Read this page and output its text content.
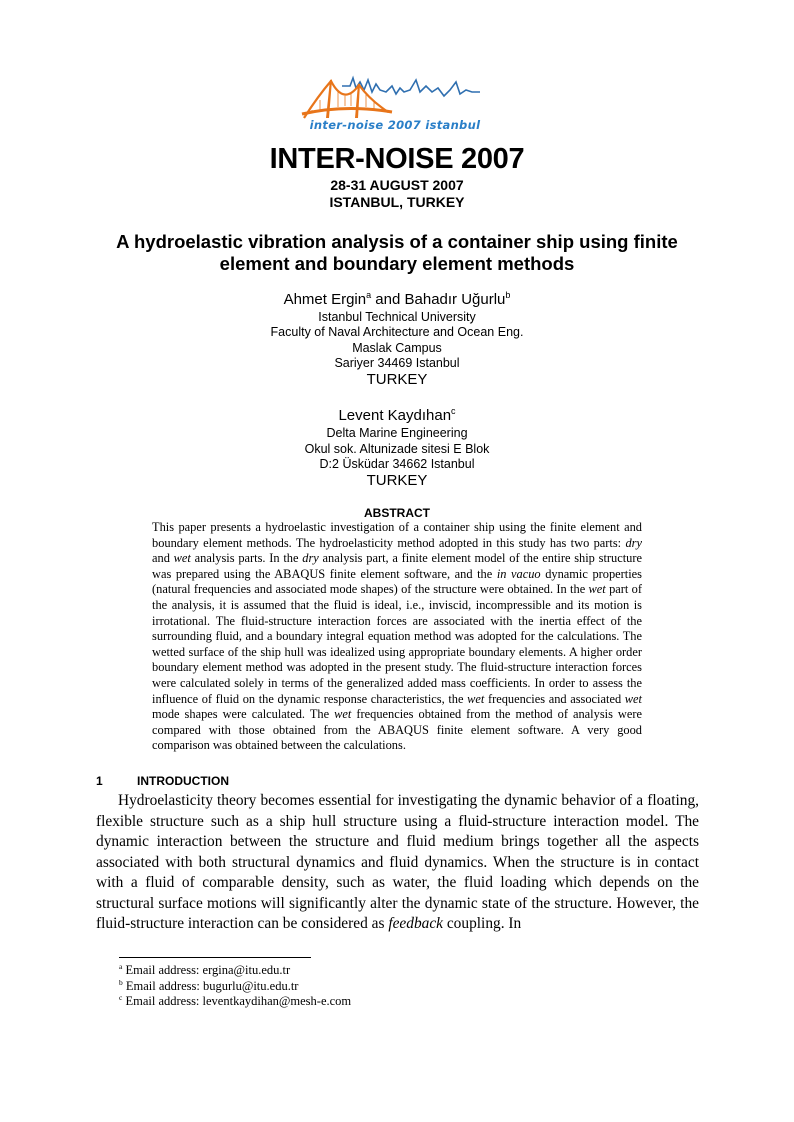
inter-noise 2007 istanbul
INTER-NOISE 2007
28-31 AUGUST 2007
ISTANBUL, TURKEY
A hydroelastic vibration analysis of a container ship using finite
element and boundary element methods
Ahmet Ergin$^a$ and Bahadır Uğurlu$^b$
Istanbul Technical University
Faculty of Naval Architecture and Ocean Eng.
Maslak Campus
Sariyer 34469 Istanbul
TURKEY
Levent Kaydıhan$^c$
Delta Marine Engineering
Okul sok. Altunizade sitesi E Blok
D:2 Üsküdar 34662 Istanbul
TURKEY
ABSTRACT
This paper presents a hydroelastic investigation of a container ship using the finite element and boundary element methods. The hydroelasticity method adopted in this study has two parts: dry and wet analysis parts. In the dry analysis part, a finite element model of the entire ship structure was prepared using the ABAQUS finite element software, and the in vacuo dynamic properties (natural frequencies and associated mode shapes) of the structure were obtained. In the wet part of the analysis, it is assumed that the fluid is ideal, i.e., inviscid, incompressible and its motion is irrotational. The fluid-structure interaction forces are associated with the inertia effect of the surrounding fluid, and a boundary integral equation method was adopted for the calculations. The wetted surface of the ship hull was idealized using appropriate boundary elements. A higher order boundary element method was adopted in the present study. The fluid-structure interaction forces were calculated solely in terms of the generalized added mass coefficients. In order to assess the influence of fluid on the dynamic response characteristics, the wet frequencies and associated wet mode shapes were calculated. The wet frequencies obtained from the method of analysis were compared with those obtained from the ABAQUS finite element software. A very good comparison was obtained between the calculations.
1	INTRODUCTION
Hydroelasticity theory becomes essential for investigating the dynamic behavior of a floating, flexible structure such as a ship hull structure using a fluid-structure interaction model. The dynamic interaction between the structure and fluid medium brings together all the aspects associated with both structural dynamics and fluid dynamics. When the structure is in contact with a fluid of comparable density, such as water, the fluid loading which depends on the structural surface motions will significantly alter the dynamic state of the structure. However, the fluid-structure interaction can be considered as feedback coupling. In
$^a$ Email address: ergina@itu.edu.tr
$^b$ Email address: bugurlu@itu.edu.tr
$^c$ Email address: leventkaydihan@mesh-e.com
